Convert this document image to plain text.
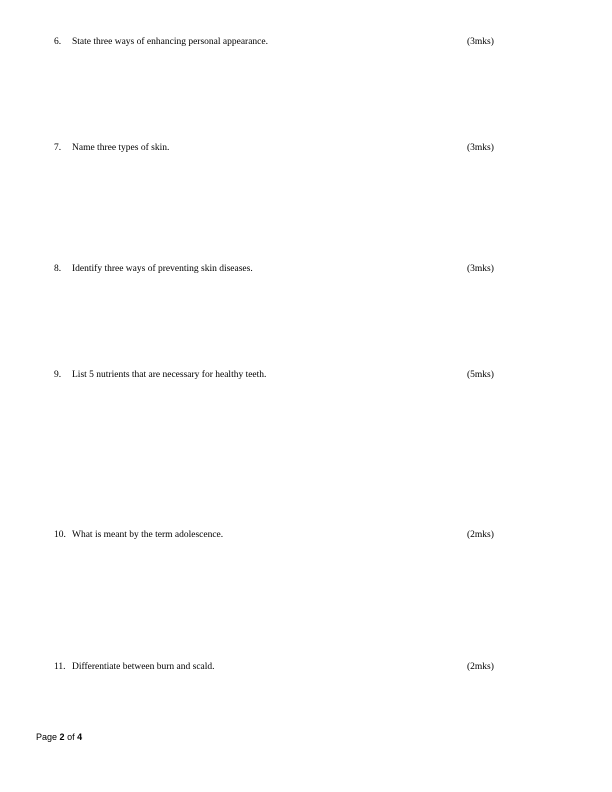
6. State three ways of enhancing personal appearance.	(3mks)
7. Name three types of skin.	(3mks)
8. Identify three ways of preventing skin diseases.	(3mks)
9. List 5 nutrients that are necessary for healthy teeth.	(5mks)
10. What is meant by the term adolescence.	(2mks)
11. Differentiate between burn and scald.	(2mks)
Page 2 of 4
